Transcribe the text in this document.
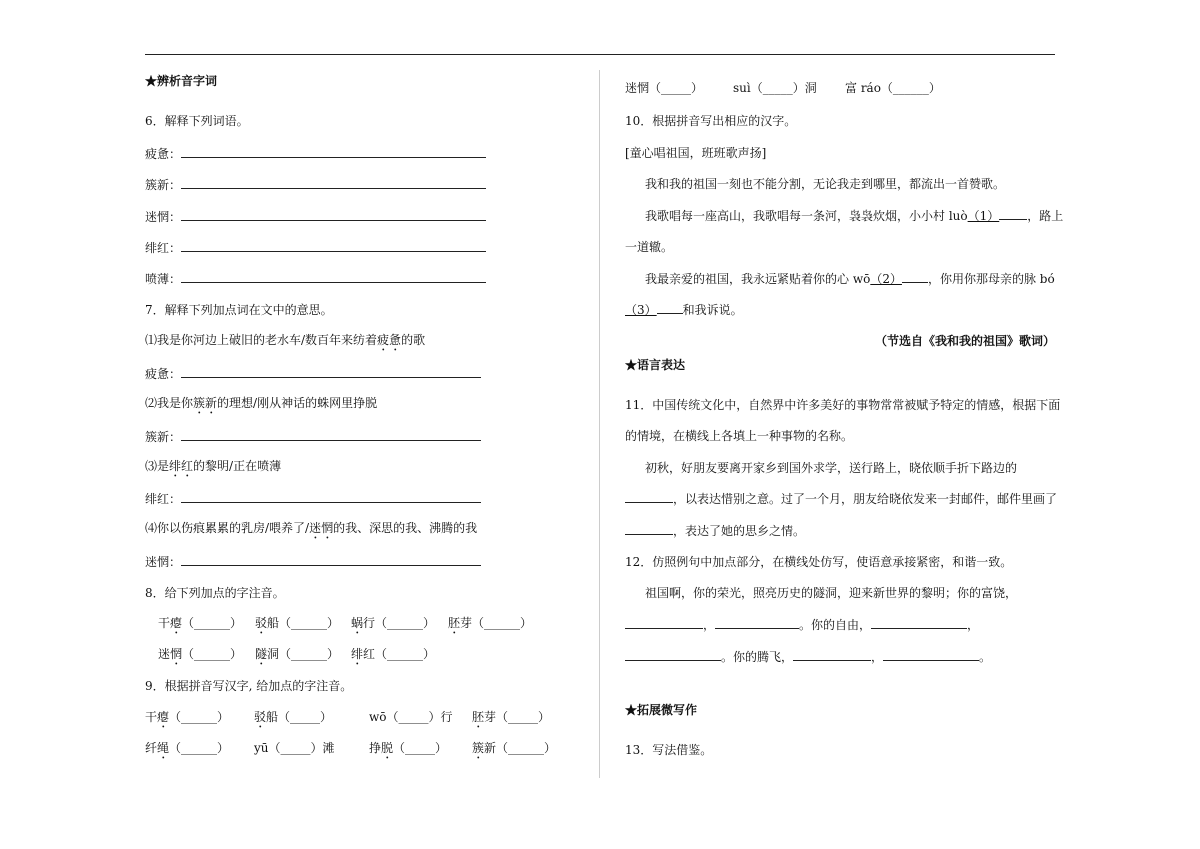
★辨析音字词
6．解释下列词语。
疲惫：
簇新：
迷惘：
绯红：
喷薄：
7．解释下列加点词在文中的意思。
⑴我是你河边上破旧的老水车/数百年来纺着疲惫的歌
疲惫：
⑵我是你簇新的理想/刚从神话的蛛网里挣脱
簇新：
⑶是绯红的黎明/正在喷薄
绯红：
⑷你以伤痕累累的乳房/喂养了/迷惘的我、深思的我、沸腾的我
迷惘：
8．给下列加点的字注音。
干瘪（______） 驳船（______） 蜗行（______） 胚芽（______）
迷惘（______） 隧洞（______） 绯红（______）
9．根据拼音写汉字, 给加点的字注音。
干瘪（______） 驳船（_____）	wō（_____）行 胚芽（_____）
纤绳（______） yū（_____）滩	挣脱（_____） 簇新（______）
迷惘（_____） suì（_____）洞 富 ráo（______）
10．根据拼音写出相应的汉字。
[童心唱祖国，班班歌声扬]
我和我的祖国一刻也不能分割，无论我走到哪里，都流出一首赞歌。
我歌唱每一座高山，我歌唱每一条河，袅袅炊烟，小小村 luò（1） ，路上
一道辙。
我最亲爱的祖国，我永远紧贴着你的心 wō（2） ，你用你那母亲的脉 bó
（3） 和我诉说。
（节选自《我和我的祖国》歌词）
★语言表达
11．中国传统文化中，自然界中许多美好的事物常常被赋予特定的情感，根据下面
的情境，在横线上各填上一种事物的名称。
初秋，好朋友要离开家乡到国外求学，送行路上，晓依顺手折下路边的
，以表达惜别之意。过了一个月，朋友给晓依发来一封邮件，邮件里画了
，表达了她的思乡之情。
12．仿照例句中加点部分，在横线处仿写，使语意承接紧密，和谐一致。
祖国啊，你的荣光，照亮历史的隧洞，迎来新世界的黎明；你的富饶，
，	。你的自由，	，
。你的腾飞，	，	。
★拓展微写作
13．写法借鉴。
